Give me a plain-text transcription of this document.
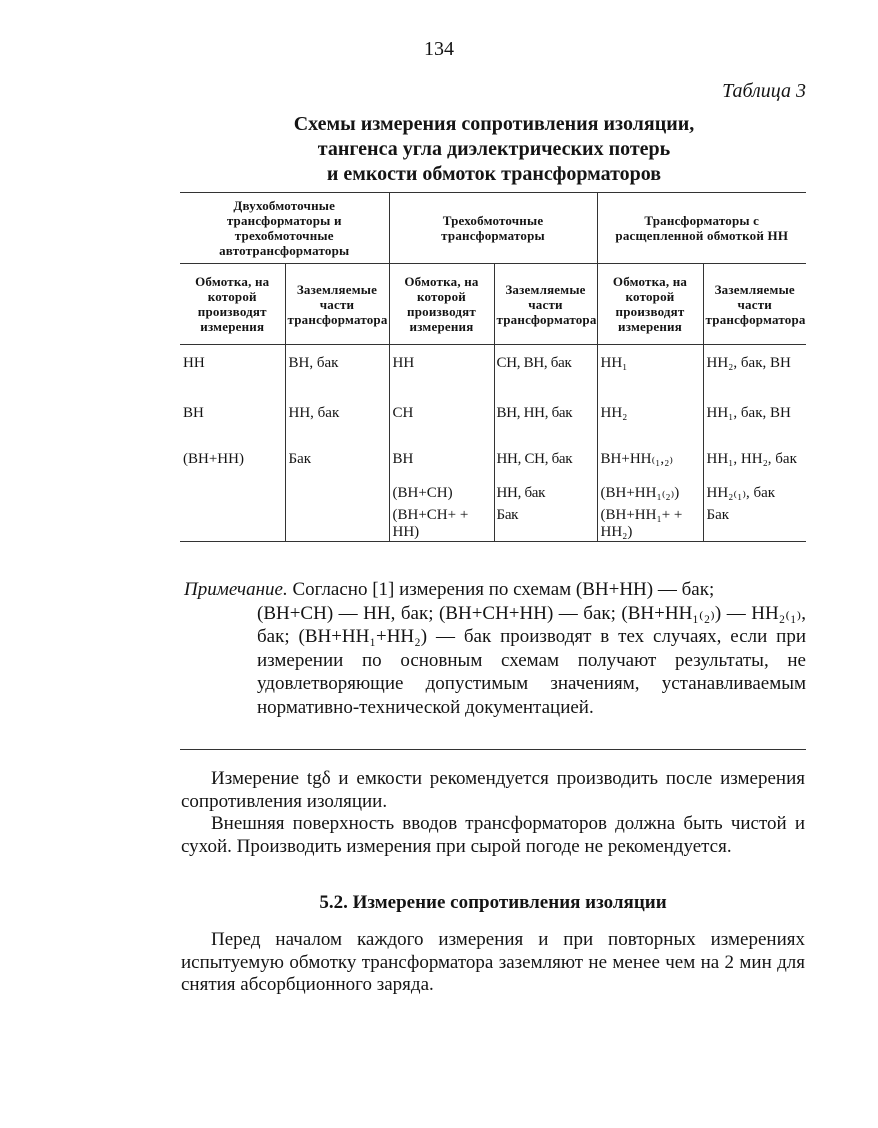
134
Таблица 3
Схемы измерения сопротивления изоляции,
тангенса угла диэлектрических потерь
и емкости обмоток трансформаторов
Двухобмоточные трансформаторы и трехобмоточные автотрансформаторы		Трехобмоточные трансформаторы		Трансформаторы с расщепленной обмоткой НН	
Обмотка, на которой производят измерения	Заземляемые части трансформатора	Обмотка, на которой производят измерения	Заземляемые части трансформатора	Обмотка, на которой производят измерения	Заземляемые части трансформатора
НН	ВН, бак	НН	СН, ВН, бак	НН₁	НН₂, бак, ВН
ВН	НН, бак	СН	ВН, НН, бак	НН₂	НН₁, бак, ВН
(ВН+НН)	Бак	ВН	НН, СН, бак	ВН+НН₍₁,₂₎	НН₁, НН₂, бак
		(ВН+СН)	НН, бак	(ВН+НН₁₍₂₎)	НН₂₍₁₎, бак
		(ВН+СН+ + НН)	Бак	(ВН+НН₁+ + НН₂)	Бак
Примечание. Согласно [1] измерения по схемам (ВН+НН) — бак;
(ВН+СН) — НН, бак; (ВН+СН+НН) — бак; (ВН+НН₁₍₂₎) — НН₂₍₁₎, бак; (ВН+НН₁+НН₂) — бак производят в тех случаях, если при измерении по основным схемам получают результаты, не удовлетворяющие допустимым значениям, устанавливаемым нормативно-технической документацией.
Измерение tgδ и емкости рекомендуется производить после измерения сопротивления изоляции.
Внешняя поверхность вводов трансформаторов должна быть чистой и сухой. Производить измерения при сырой погоде не рекомендуется.
5.2. Измерение сопротивления изоляции
Перед началом каждого измерения и при повторных измерениях испытуемую обмотку трансформатора заземляют не менее чем на 2 мин для снятия абсорбционного заряда.
